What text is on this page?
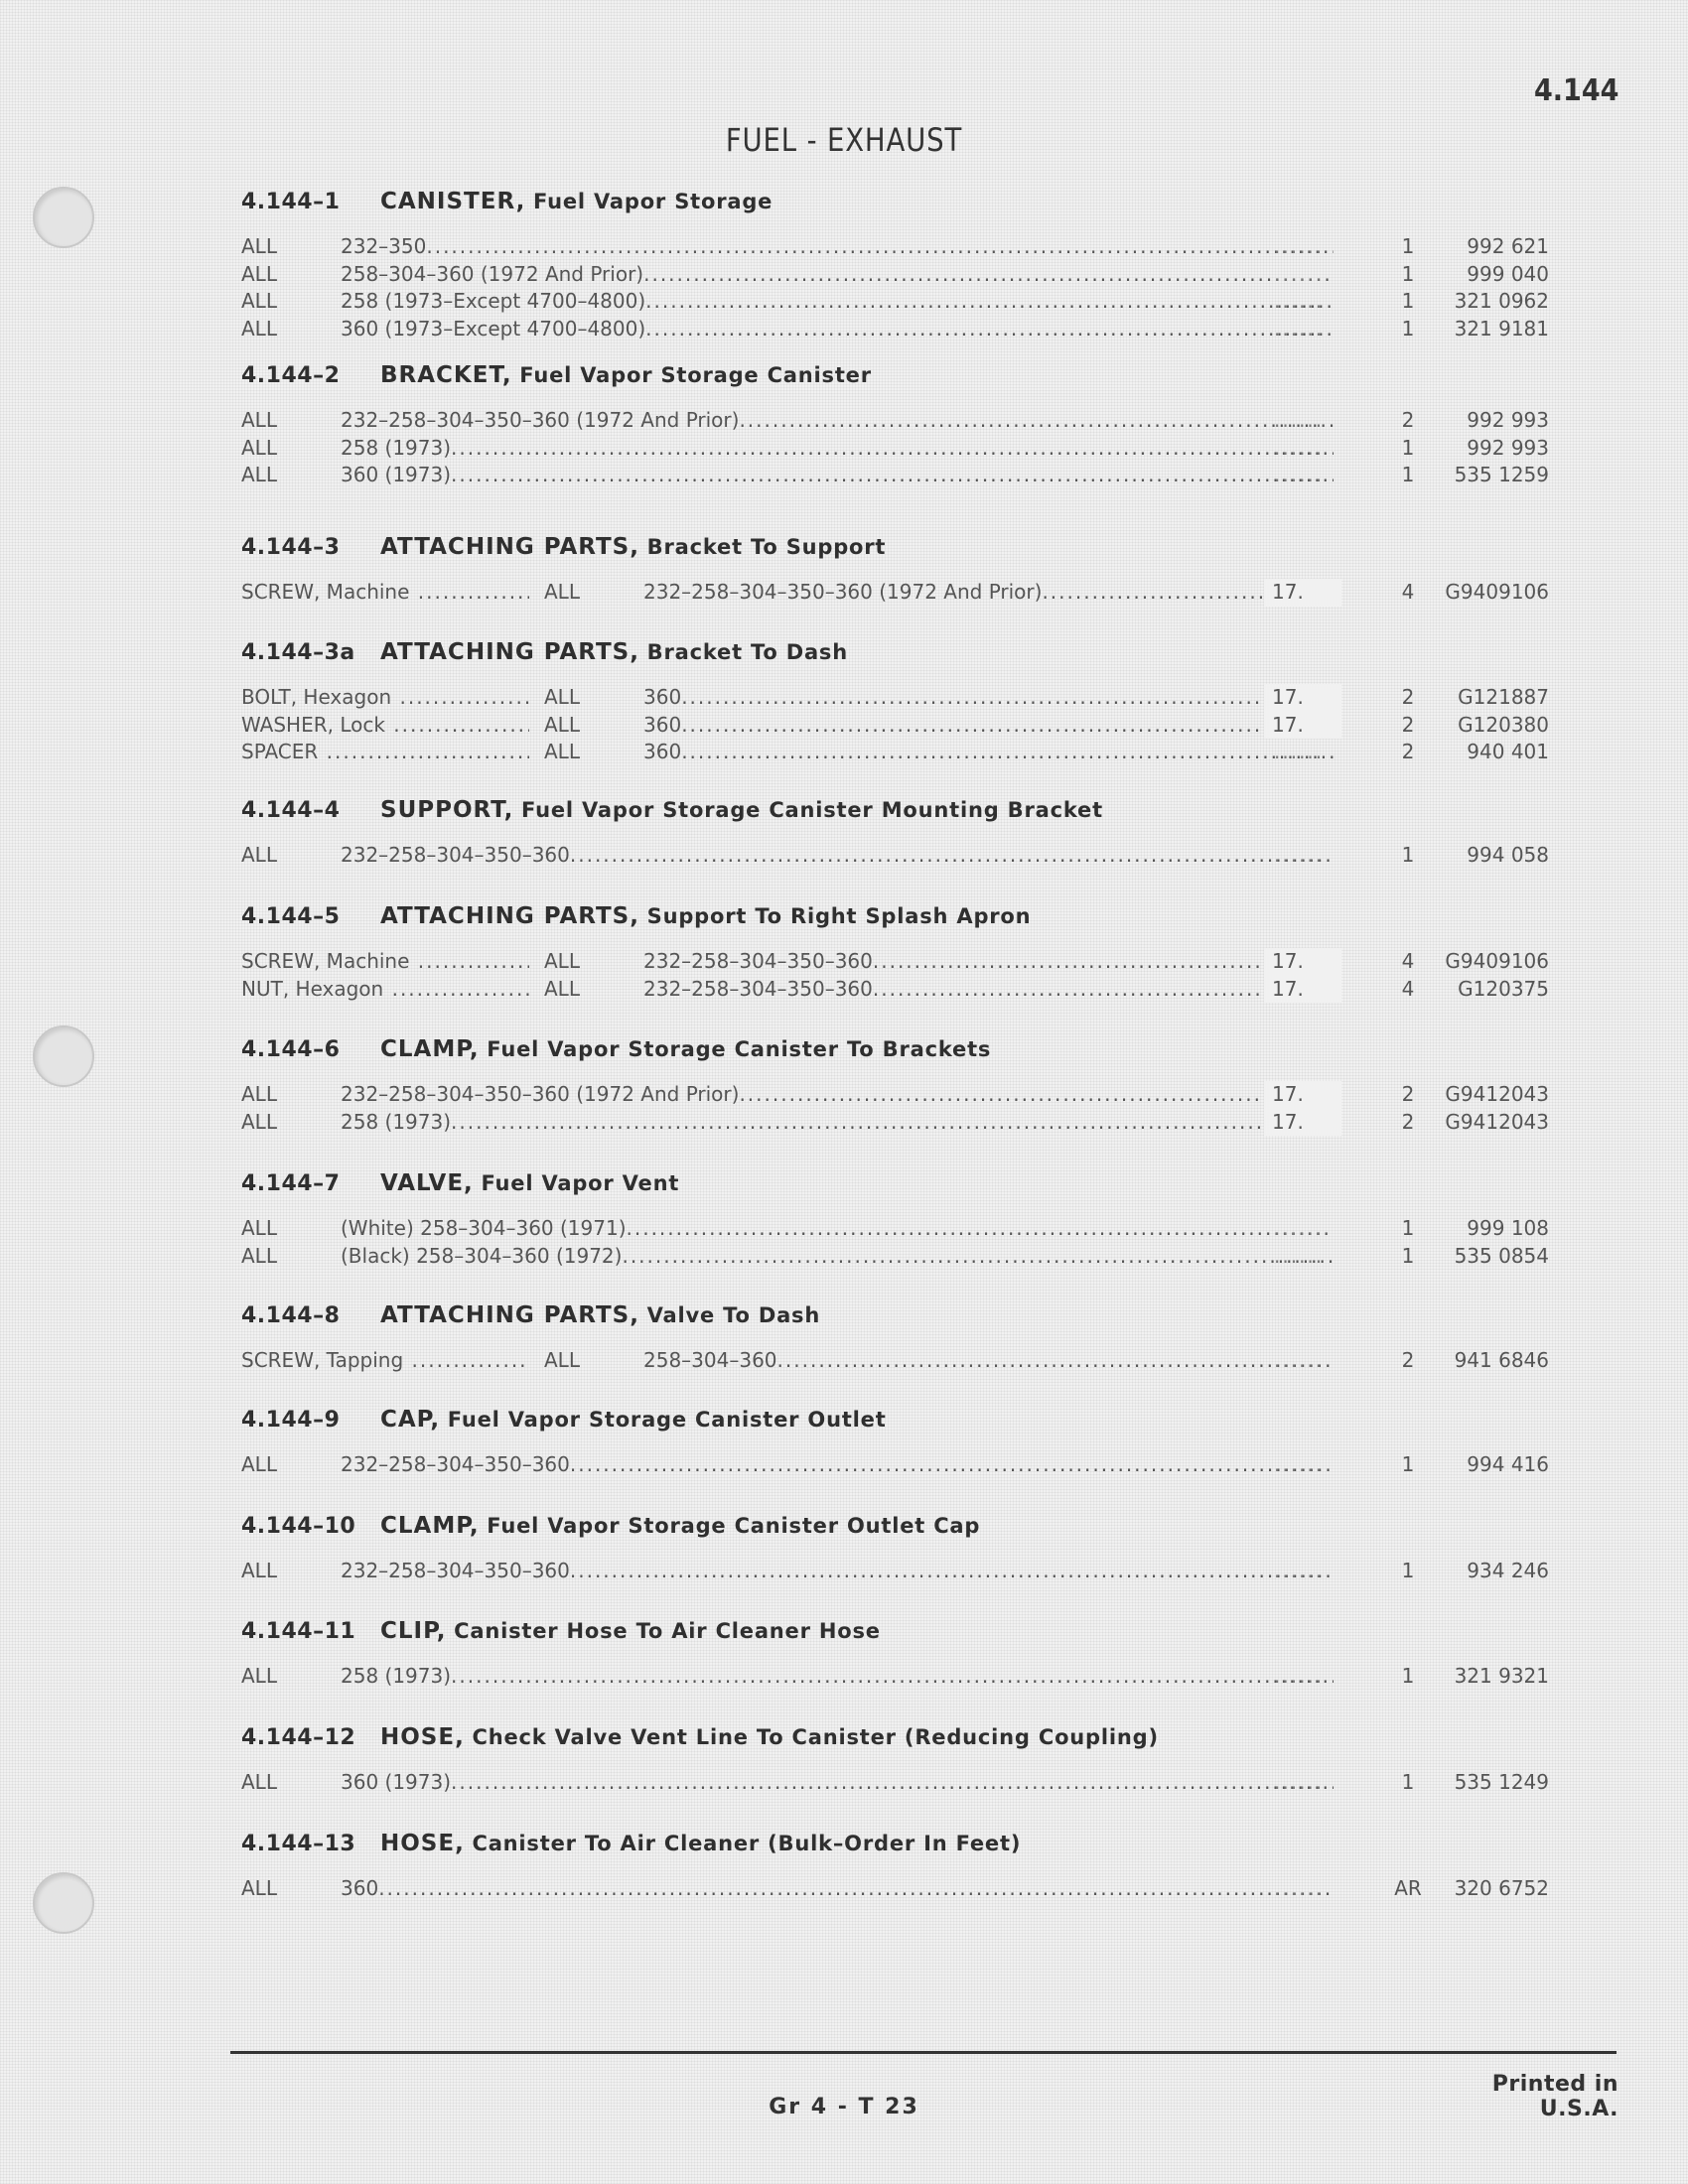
4.144
FUEL - EXHAUST
4.144–1 CANISTER, Fuel Vapor Storage
ALL	232–350 .....	......	1	992 621
ALL	258–304–360 (1972 And Prior) .....	......	1	999 040
ALL	258 (1973–Except 4700–4800) .....	......	1	321 0962
ALL	360 (1973–Except 4700–4800) .....	......	1	321 9181
4.144–2 BRACKET, Fuel Vapor Storage Canister
ALL	232–258–304–350–360 (1972 And Prior) .....	......	2	992 993
ALL	258 (1973) .....	......	1	992 993
ALL	360 (1973) .....	......	1	535 1259
4.144–3 ATTACHING PARTS, Bracket To Support
SCREW, Machine .....	ALL	232–258–304–350–360 (1972 And Prior) .....	17.	4	G9409106
4.144–3a ATTACHING PARTS, Bracket To Dash
BOLT, Hexagon .....	ALL	360 .....	17.	2	G121887
WASHER, Lock .....	ALL	360 .....	17.	2	G120380
SPACER .....	ALL	360 .....	......	2	940 401
4.144–4 SUPPORT, Fuel Vapor Storage Canister Mounting Bracket
ALL	232–258–304–350–360 .....	......	1	994 058
4.144–5 ATTACHING PARTS, Support To Right Splash Apron
SCREW, Machine .....	ALL	232–258–304–350–360 .....	17.	4	G9409106
NUT, Hexagon .....	ALL	232–258–304–350–360 .....	17.	4	G120375
4.144–6 CLAMP, Fuel Vapor Storage Canister To Brackets
ALL	232–258–304–350–360 (1972 And Prior) .....	17.	2	G9412043
ALL	258 (1973) .....	17.	2	G9412043
4.144–7 VALVE, Fuel Vapor Vent
ALL	(White) 258–304–360 (1971) .....	......	1	999 108
ALL	(Black) 258–304–360 (1972) .....	......	1	535 0854
4.144–8 ATTACHING PARTS, Valve To Dash
SCREW, Tapping .....	ALL	258–304–360 .....	......	2	941 6846
4.144–9 CAP, Fuel Vapor Storage Canister Outlet
ALL	232–258–304–350–360 .....	......	1	994 416
4.144–10 CLAMP, Fuel Vapor Storage Canister Outlet Cap
ALL	232–258–304–350–360 .....	......	1	934 246
4.144–11 CLIP, Canister Hose To Air Cleaner Hose
ALL	258 (1973) .....	......	1	321 9321
4.144–12 HOSE, Check Valve Vent Line To Canister (Reducing Coupling)
ALL	360 (1973) .....	......	1	535 1249
4.144–13 HOSE, Canister To Air Cleaner (Bulk–Order In Feet)
ALL	360 .....	......	AR	320 6752
Printed in U.S.A.
Gr 4 - T 23
